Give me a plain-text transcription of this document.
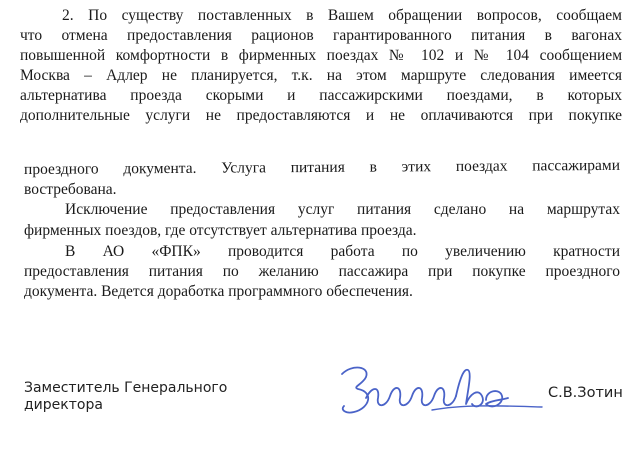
2. По существу поставленных в Вашем обращении вопросов, сообщаем
что отмена предоставления рационов гарантированного питания в вагонах
повышенной комфортности в фирменных поездах № 102 и № 104 сообщением
Москва – Адлер не планируется, т.к. на этом маршруте следования имеется
альтернатива проезда скорыми и пассажирскими поездами, в которых
дополнительные услуги не предоставляются и не оплачиваются при покупке
проездного документа. Услуга питания в этих поездах пассажирами
востребована.
Исключение предоставления услуг питания сделано на маршрутах
фирменных поездов, где отсутствует альтернатива проезда.
В АО «ФПК» проводится работа по увеличению кратности
предоставления питания по желанию пассажира при покупке проездного
документа. Ведется доработка программного обеспечения.
Заместитель Генерального
директора
С.В.Зотин
